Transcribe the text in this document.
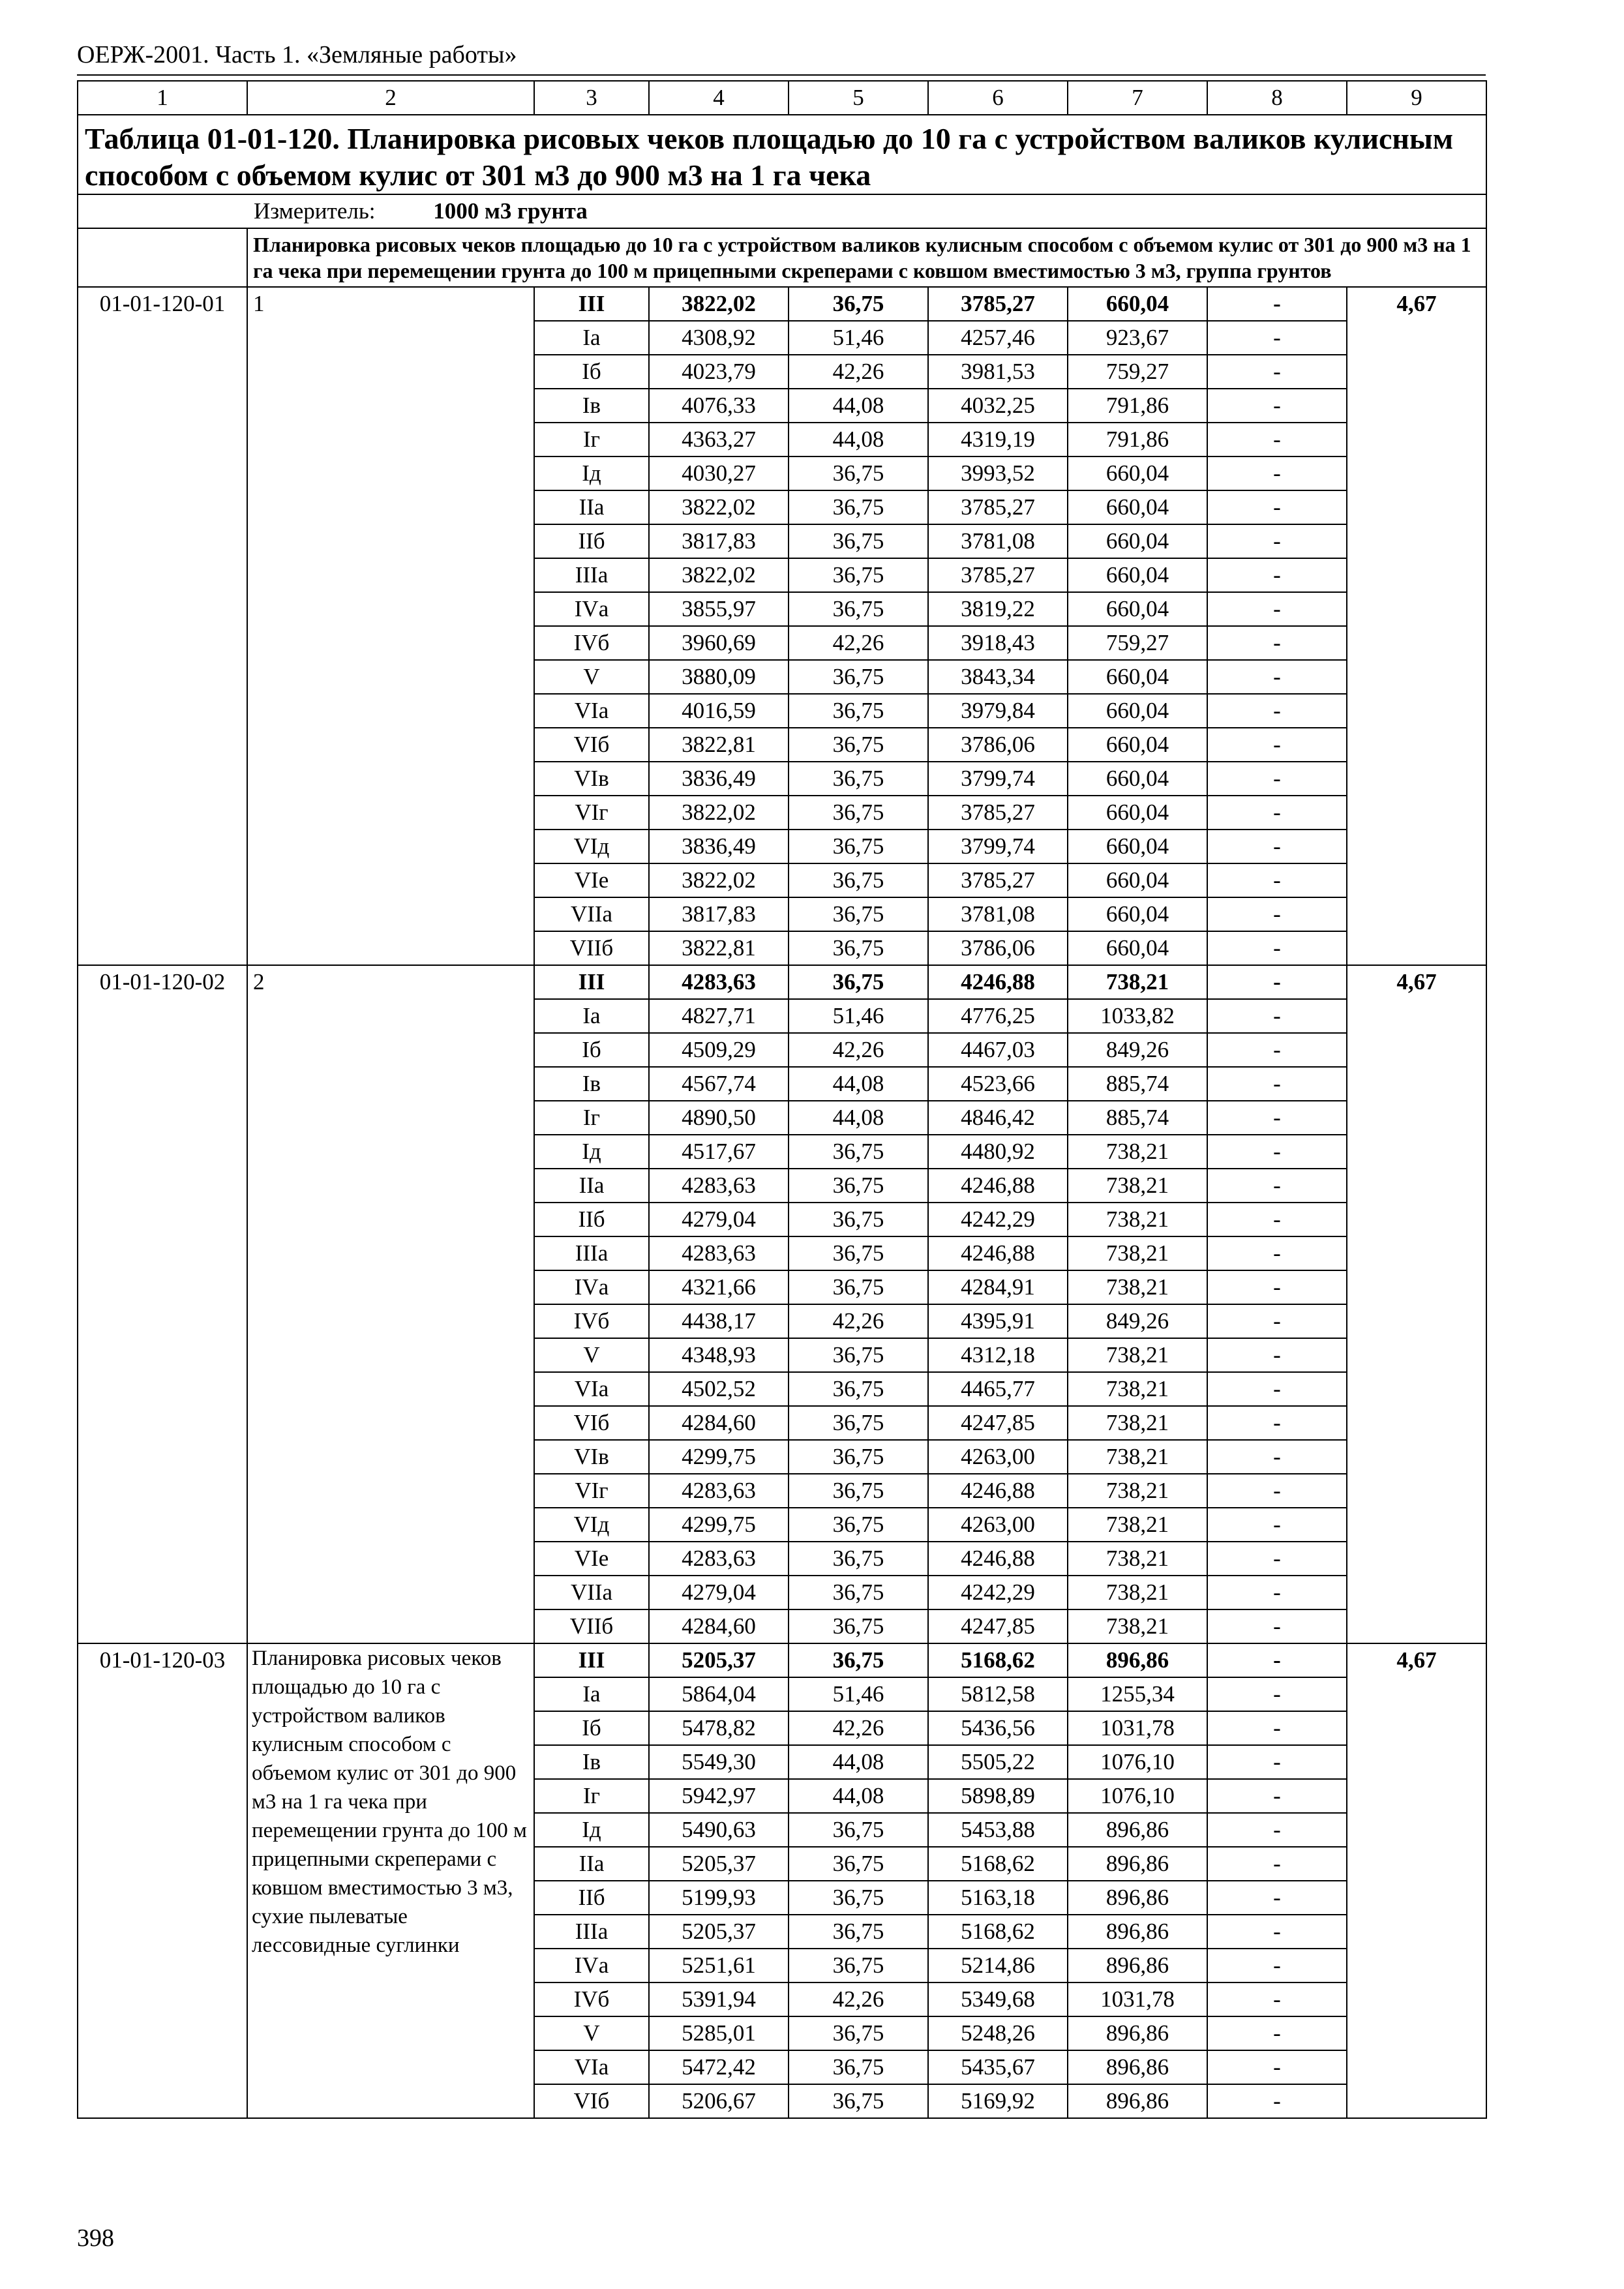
ОЕРЖ-2001. Часть 1. «Земляные работы»
1	2	3	4	5	6	7	8	9
Таблица 01-01-120. Планировка рисовых чеков площадью до 10 га с устройством валиков кулисным способом с объемом кулис от 301 м3 до 900 м3 на 1 га чека								
	Измеритель: 1000 м3 грунта							
	Планировка рисовых чеков площадью до 10 га с устройством валиков кулисным способом с объемом кулис от 301 до 900 м3 на 1 га чека при перемещении грунта до 100 м прицепными скреперами с ковшом вместимостью 3 м3, группа грунтов							
01-01-120-01	1	III	3822,02	36,75	3785,27	660,04	-	4,67
		Iа	4308,92	51,46	4257,46	923,67	-	
		Iб	4023,79	42,26	3981,53	759,27	-	
		Iв	4076,33	44,08	4032,25	791,86	-	
		Iг	4363,27	44,08	4319,19	791,86	-	
		Iд	4030,27	36,75	3993,52	660,04	-	
		IIа	3822,02	36,75	3785,27	660,04	-	
		IIб	3817,83	36,75	3781,08	660,04	-	
		IIIа	3822,02	36,75	3785,27	660,04	-	
		IVа	3855,97	36,75	3819,22	660,04	-	
		IVб	3960,69	42,26	3918,43	759,27	-	
		V	3880,09	36,75	3843,34	660,04	-	
		VIа	4016,59	36,75	3979,84	660,04	-	
		VIб	3822,81	36,75	3786,06	660,04	-	
		VIв	3836,49	36,75	3799,74	660,04	-	
		VIг	3822,02	36,75	3785,27	660,04	-	
		VIд	3836,49	36,75	3799,74	660,04	-	
		VIе	3822,02	36,75	3785,27	660,04	-	
		VIIа	3817,83	36,75	3781,08	660,04	-	
		VIIб	3822,81	36,75	3786,06	660,04	-	
01-01-120-02	2	III	4283,63	36,75	4246,88	738,21	-	4,67
		Iа	4827,71	51,46	4776,25	1033,82	-	
		Iб	4509,29	42,26	4467,03	849,26	-	
		Iв	4567,74	44,08	4523,66	885,74	-	
		Iг	4890,50	44,08	4846,42	885,74	-	
		Iд	4517,67	36,75	4480,92	738,21	-	
		IIа	4283,63	36,75	4246,88	738,21	-	
		IIб	4279,04	36,75	4242,29	738,21	-	
		IIIа	4283,63	36,75	4246,88	738,21	-	
		IVа	4321,66	36,75	4284,91	738,21	-	
		IVб	4438,17	42,26	4395,91	849,26	-	
		V	4348,93	36,75	4312,18	738,21	-	
		VIа	4502,52	36,75	4465,77	738,21	-	
		VIб	4284,60	36,75	4247,85	738,21	-	
		VIв	4299,75	36,75	4263,00	738,21	-	
		VIг	4283,63	36,75	4246,88	738,21	-	
		VIд	4299,75	36,75	4263,00	738,21	-	
		VIе	4283,63	36,75	4246,88	738,21	-	
		VIIа	4279,04	36,75	4242,29	738,21	-	
		VIIб	4284,60	36,75	4247,85	738,21	-	
01-01-120-03	Планировка рисовых чеков площадью до 10 га с устройством валиков кулисным способом с объемом кулис от 301 до 900 м3 на 1 га чека при перемещении грунта до 100 м прицепными скреперами с ковшом вместимостью 3 м3, сухие пылеватые лессовидные суглинки	III	5205,37	36,75	5168,62	896,86	-	4,67
		Iа	5864,04	51,46	5812,58	1255,34	-	
		Iб	5478,82	42,26	5436,56	1031,78	-	
		Iв	5549,30	44,08	5505,22	1076,10	-	
		Iг	5942,97	44,08	5898,89	1076,10	-	
		Iд	5490,63	36,75	5453,88	896,86	-	
		IIа	5205,37	36,75	5168,62	896,86	-	
		IIб	5199,93	36,75	5163,18	896,86	-	
		IIIа	5205,37	36,75	5168,62	896,86	-	
		IVа	5251,61	36,75	5214,86	896,86	-	
		IVб	5391,94	42,26	5349,68	1031,78	-	
		V	5285,01	36,75	5248,26	896,86	-	
		VIа	5472,42	36,75	5435,67	896,86	-	
		VIб	5206,67	36,75	5169,92	896,86	-	
398
